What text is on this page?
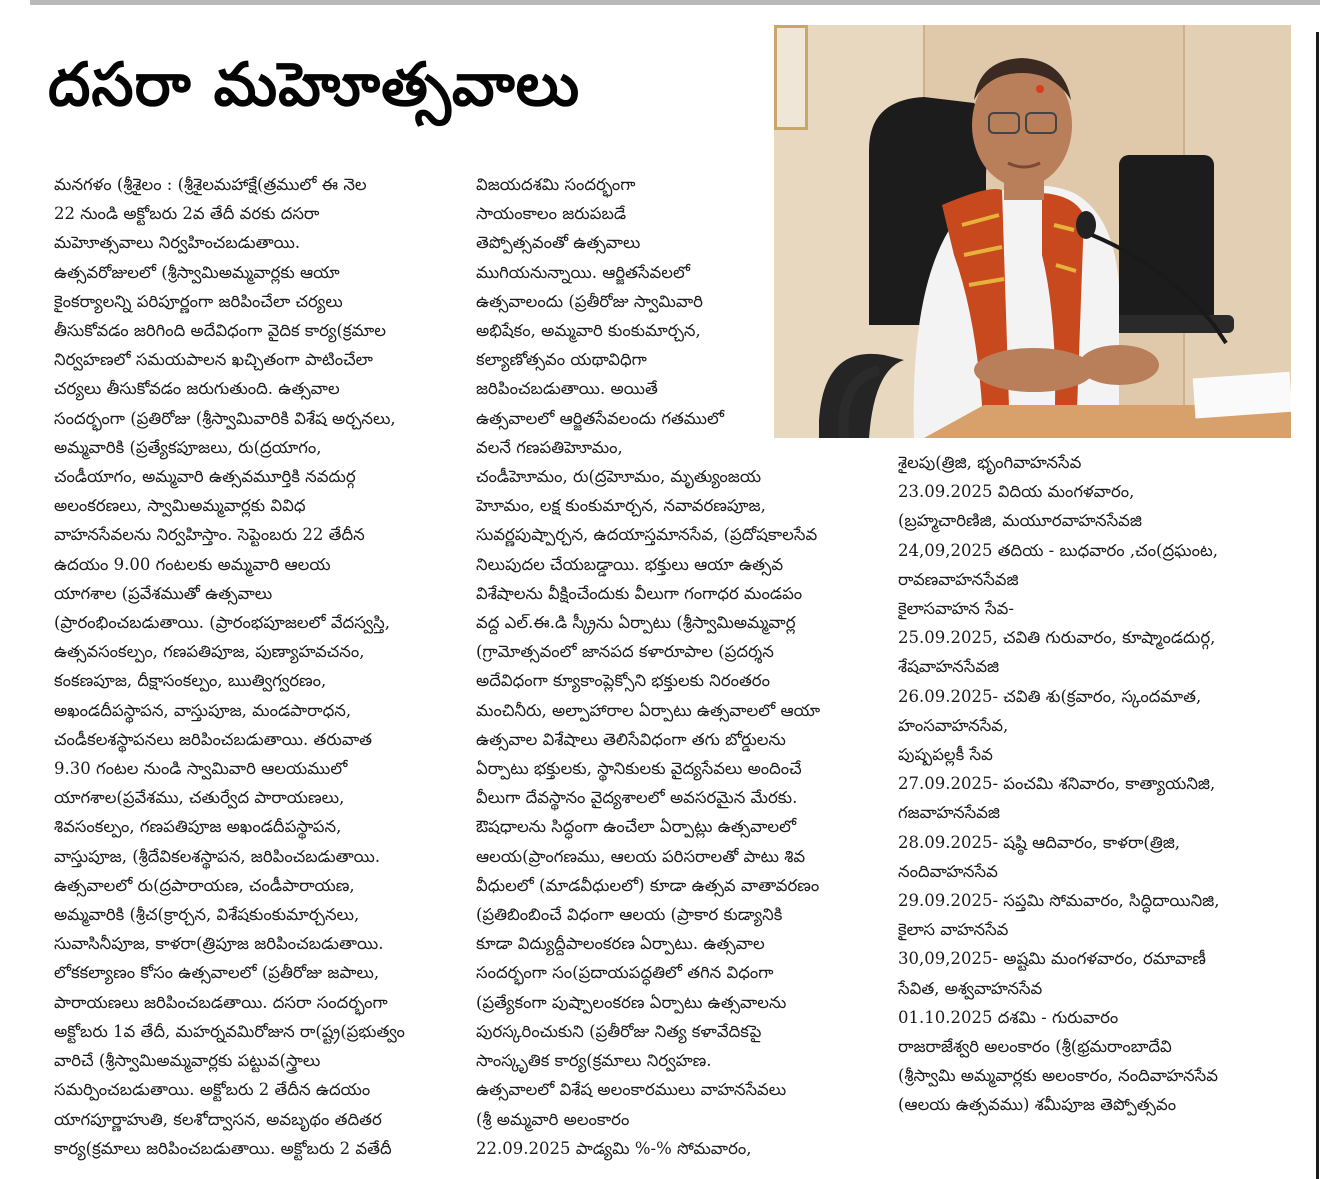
దసరా మహెూత్సవాలు

మనగళం (శ్రీశైలం : (శ్రీశైలమహాక్షే(త్రములో ఈ నెల

22 నుండి అక్టోబరు 2వ తేదీ వరకు దసరా

మహెూత్సవాలు నిర్వహించబడుతాయి.

ఉత్సవరోజులలో (శ్రీస్వామిఅమ్మవార్లకు ఆయా

కైంకర్యాలన్ని పరిపూర్ణంగా జరిపించేలా చర్యలు

తీసుకోవడం జరిగింది అదేవిధంగా వైదిక కార్య(క్రమాల

నిర్వహణలో సమయపాలన ఖచ్చితంగా పాటించేలా

చర్యలు తీసుకోవడం జరుగుతుంది. ఉత్సవాల

సందర్భంగా (ప్రతిరోజు (శ్రీస్వామివారికి విశేష అర్చనలు,

అమ్మవారికి (ప్రత్యేకపూజలు, రు(ద్రయాగం,

చండీయాగం, అమ్మవారి ఉత్సవమూర్తికి నవదుర్గ

అలంకరణలు, స్వామిఅమ్మవార్లకు వివిధ

వాహనసేవలను నిర్వహిస్తాం. సెప్టెంబరు 22 తేదీన

ఉదయం 9.00 గంటలకు అమ్మవారి ఆలయ

యాగశాల (ప్రవేశముతో ఉత్సవాలు

(ప్రారంభించబడుతాయి. (ప్రారంభపూజలలో వేదస్వస్తి,

ఉత్సవసంకల్పం, గణపతిపూజ, పుణ్యాహవచనం,

కంకణపూజ, దీక్షాసంకల్పం, ఋత్విగ్వరణం,

అఖండదీపస్థాపన, వాస్తుపూజ, మండపారాధన,

చండీకలశస్థాపనలు జరిపించబడుతాయి. తరువాత

9.30 గంటల నుండి స్వామివారి ఆలయములో

యాగశాల(ప్రవేశము, చతుర్వేద పారాయణలు,

శివసంకల్పం, గణపతిపూజ అఖండదీపస్థాపన,

వాస్తుపూజ, (శ్రీదేవికలశస్థాపన, జరిపించబడుతాయి.

ఉత్సవాలలో రు(ద్రపారాయణ, చండీపారాయణ,

అమ్మవారికి (శ్రీచ(క్రార్చన, విశేషకుంకుమార్చనలు,

సువాసినీపూజ, కాళరా(త్రిపూజ జరిపించబడుతాయి.

లోకకల్యాణం కోసం ఉత్సవాలలో (ప్రతీరోజు జపాలు,

పారాయణలు జరిపించబడతాయి. దసరా సందర్భంగా

అక్టోబరు 1వ తేదీ, మహర్నవమిరోజున రా(ష్ట్ర(ప్రభుత్వం

వారిచే (శ్రీస్వామిఅమ్మవార్లకు పట్టువ(స్త్రాలు

సమర్పించబడుతాయి. అక్టోబరు 2 తేదీన ఉదయం

యాగపూర్ణాహుతి, కలశోద్వాసన, అవబృథం తదితర

కార్య(క్రమాలు జరిపించబడుతాయి. అక్టోబరు 2 వతేదీ

విజయదశమి సందర్భంగా

సాయంకాలం జరుపబడే

తెప్పోత్సవంతో ఉత్సవాలు

ముగియనున్నాయి. ఆర్జితసేవలలో

ఉత్సవాలందు (ప్రతీరోజు స్వామివారి

అభిషేకం, అమ్మవారి కుంకుమార్చన,

కల్యాణోత్సవం యథావిధిగా

జరిపించబడుతాయి. అయితే

ఉత్సవాలలో ఆర్జితసేవలందు గతములో

వలనే గణపతిహెూమం,

చండీహెూమం, రు(ద్రహెూమం, మృత్యుంజయ

హెూమం, లక్ష కుంకుమార్చన, నవావరణపూజ,

సువర్ణపుష్పార్చన, ఉదయాస్తమానసేవ, (ప్రదోషకాలసేవ

నిలుపుదల చేయబడ్డాయి. భక్తులు ఆయా ఉత్సవ

విశేషాలను వీక్షించేందుకు వీలుగా గంగాధర మండపం

వద్ద ఎల్.ఈ.డి స్క్రీను ఏర్పాటు (శ్రీస్వామిఅమ్మవార్ల

(గ్రామోత్సవంలో జానపద కళారూపాల (ప్రదర్శన

అదేవిధంగా క్యూకాంప్లెక్సోని భక్తులకు నిరంతరం

మంచినీరు, అల్పాహారాల ఏర్పాటు ఉత్సవాలలో ఆయా

ఉత్సవాల విశేషాలు తెలిసేవిధంగా తగు బోర్డులను

ఏర్పాటు భక్తులకు, స్థానికులకు వైద్యసేవలు అందించే

వీలుగా దేవస్థానం వైద్యశాలలో అవసరమైన మేరకు.

ఔషధాలను సిద్ధంగా ఉంచేలా ఏర్పాట్లు ఉత్సవాలలో

ఆలయ(ప్రాంగణము, ఆలయ పరిసరాలతో పాటు శివ

వీధులలో (మాడవీధులలో) కూడా ఉత్సవ వాతావరణం

(ప్రతిబింబించే విధంగా ఆలయ (ప్రాకార కుడ్యానికి

కూడా విద్యుద్దీపాలంకరణ ఏర్పాటు. ఉత్సవాల

సందర్భంగా సం(ప్రదాయపద్ధతిలో తగిన విధంగా

(ప్రత్యేకంగా పుష్పాలంకరణ ఏర్పాటు ఉత్సవాలను

పురస్కరించుకుని (ప్రతీరోజు నిత్య కళావేదికపై

సాంస్కృతిక కార్య(క్రమాలు నిర్వహణ.

ఉత్సవాలలో విశేష అలంకారములు వాహనసేవలు

(శ్రీ అమ్మవారి అలంకారం

22.09.2025 పాడ్యమి %-% సోమవారం,

శైలపు(త్రిజి, భృంగివాహనసేవ

23.09.2025 విదియ మంగళవారం,

(బ్రహ్మచారిణిజి, మయూరవాహనసేవజి

24,09,2025 తదియ - బుధవారం ,చం(ద్రఘంట,

రావణవాహనసేవజి

కైలాసవాహన సేవ-

25.09.2025, చవితి గురువారం, కూష్మాండదుర్గ,

శేషవాహనసేవజి

26.09.2025- చవితి శు(క్రవారం, స్కందమాత,

హంసవాహనసేవ,

పుష్పపల్లకీ సేవ

27.09.2025- పంచమి శనివారం, కాత్యాయనిజి,

గజవాహనసేవజి

28.09.2025- షష్ఠి ఆదివారం, కాళరా(త్రిజి,

నందివాహనసేవ

29.09.2025- సప్తమి సోమవారం, సిద్ధిదాయినిజి,

కైలాస వాహనసేవ

30,09,2025- అష్టమి మంగళవారం, రమావాణీ

సేవిత, అశ్వవాహనసేవ

01.10.2025 దశమి - గురువారం

రాజరాజేశ్వరి అలంకారం (శ్రీ(భ్రమరాంబాదేవి

(శ్రీస్వామి అమ్మవార్లకు అలంకారం, నందివాహనసేవ

(ఆలయ ఉత్సవము) శమీపూజ తెప్పోత్సవం
